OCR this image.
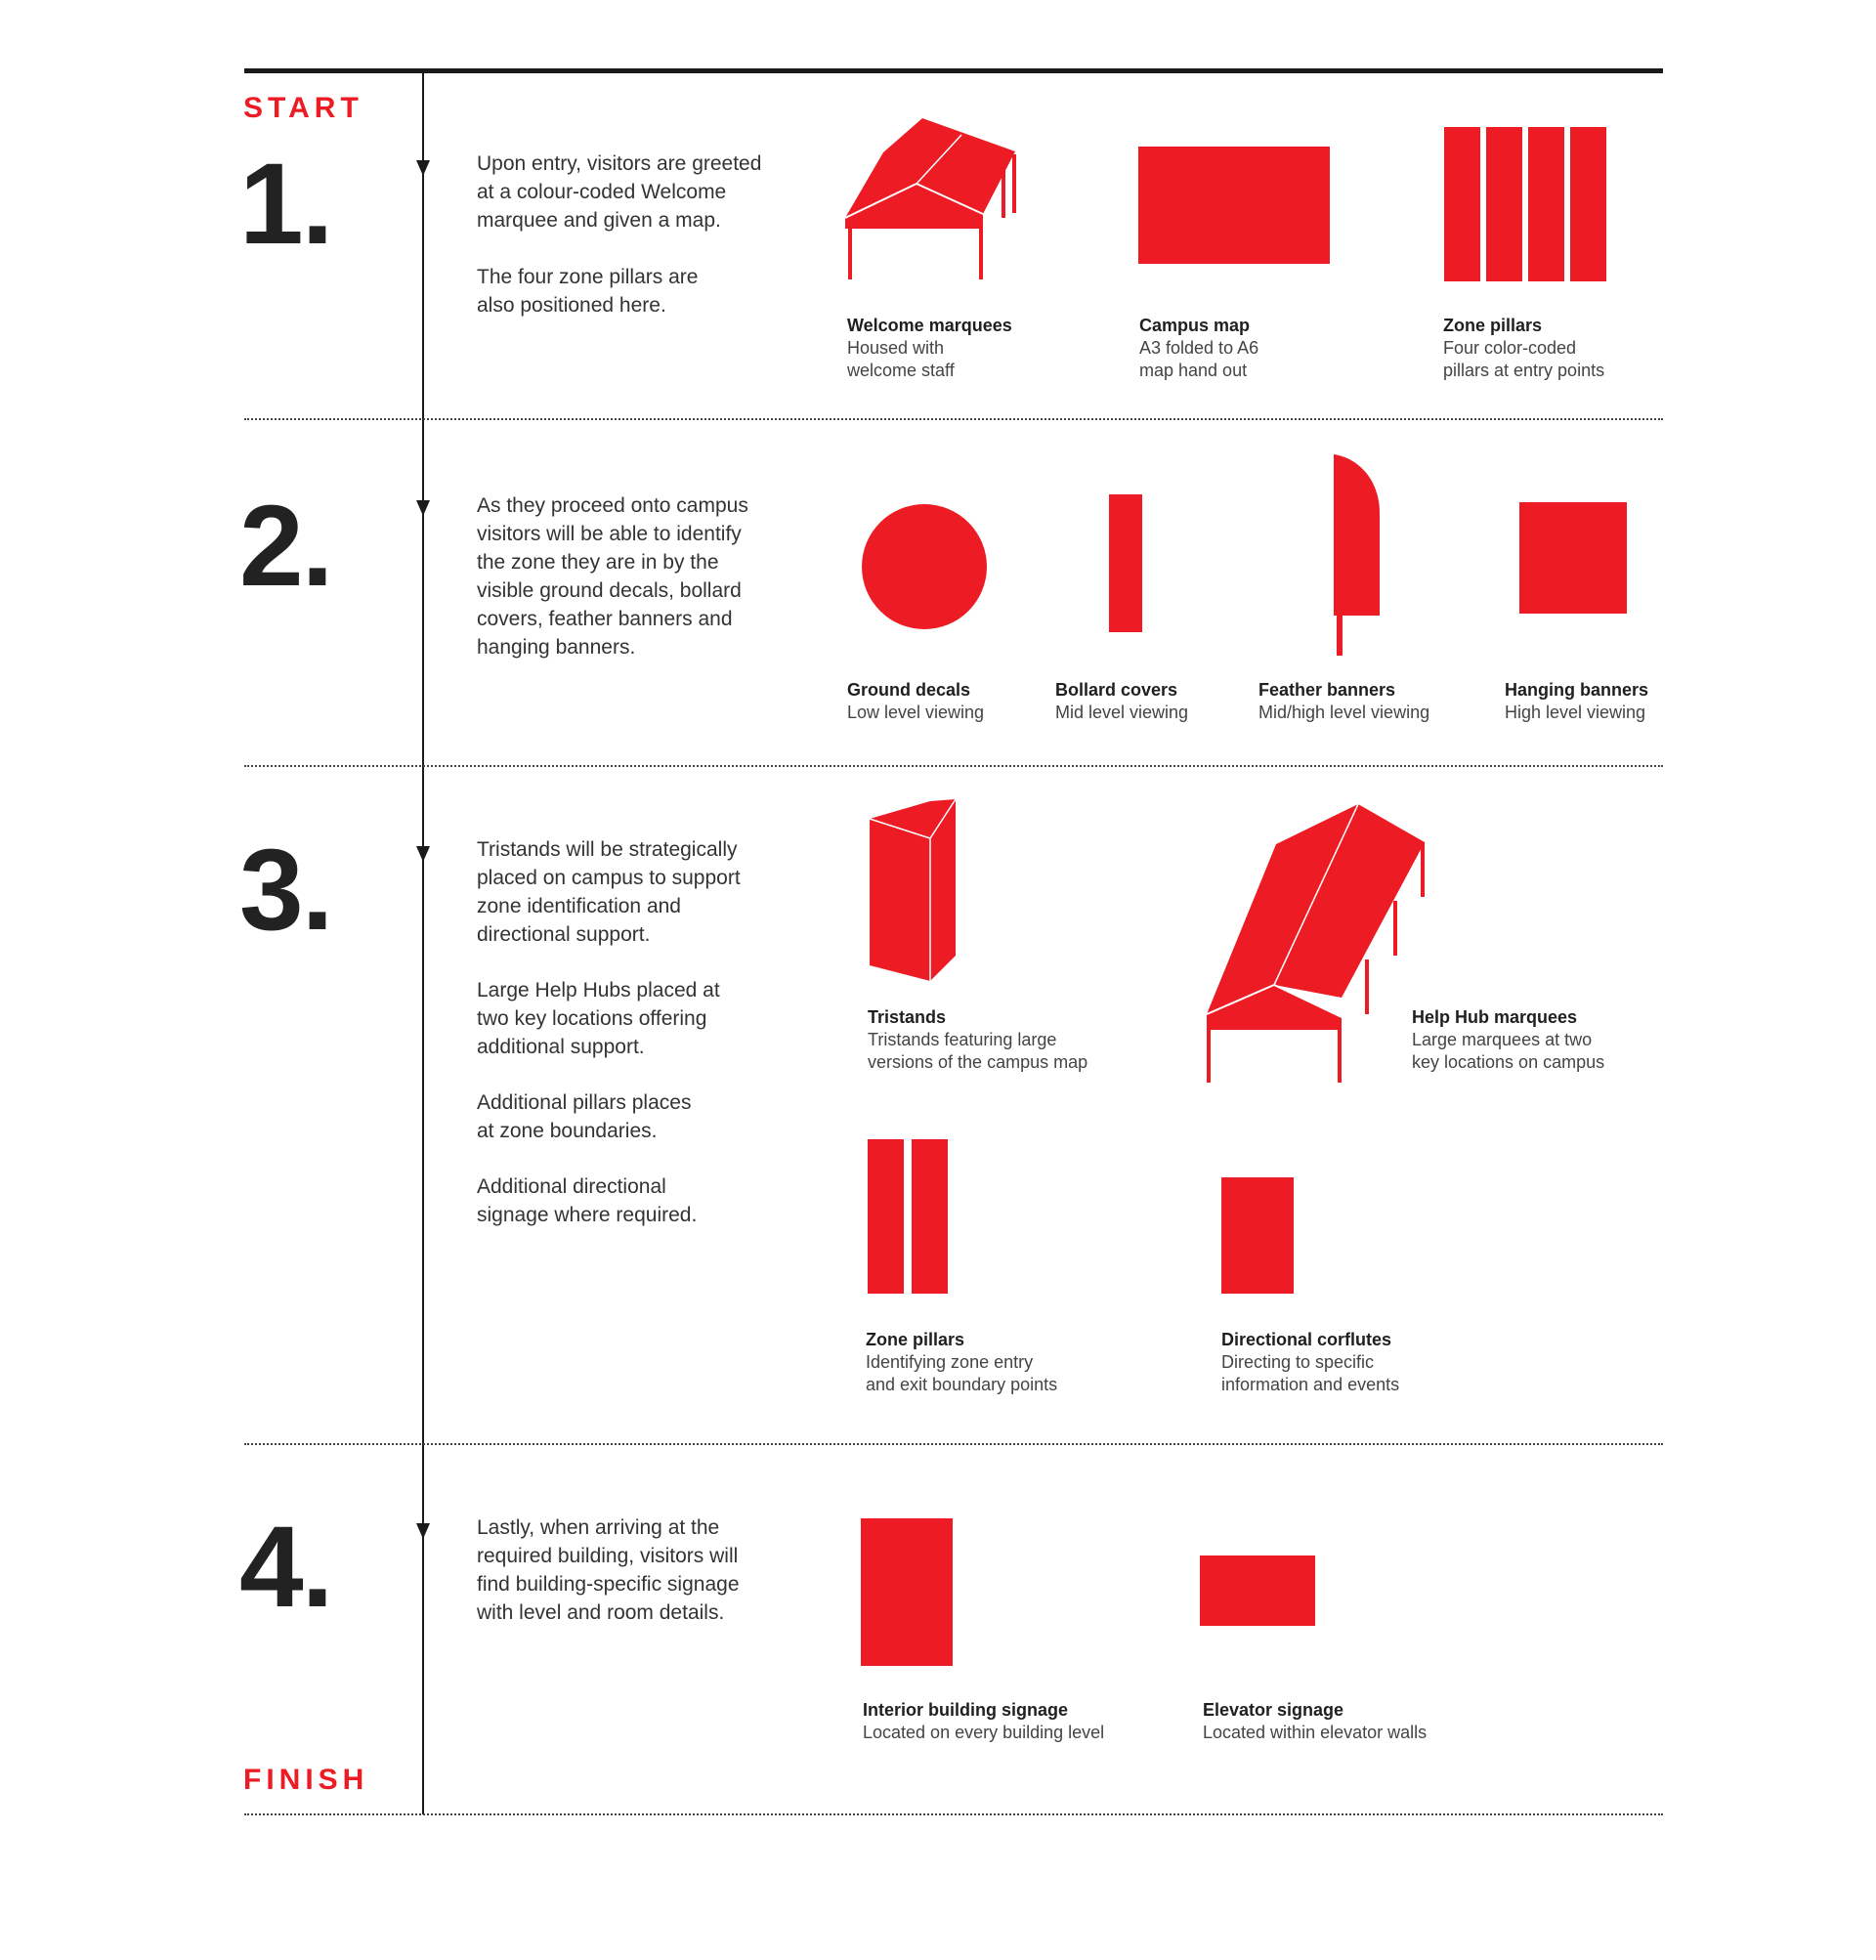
START
FINISH
1.	Upon entry, visitors are greeted
at a colour-coded Welcome
marquee and given a map.
The four zone pillars are
also positioned here.
Welcome marquees
Housed with
welcome staff
Campus map
A3 folded to A6
map hand out
Zone pillars
Four color-coded
pillars at entry points
2.	As they proceed onto campus
visitors will be able to identify
the zone they are in by the
visible ground decals, bollard
covers, feather banners and
hanging banners.
Ground decals
Low level viewing
Bollard covers
Mid level viewing
Feather banners
Mid/high level viewing
Hanging banners
High level viewing
3.	Tristands will be strategically
placed on campus to support
zone identification and
directional support.
Large Help Hubs placed at
two key locations offering
additional support.
Additional pillars places
at zone boundaries.
Additional directional
signage where required.
Tristands
Tristands featuring large
versions of the campus map
Help Hub marquees
Large marquees at two
key locations on campus
Zone pillars
Identifying zone entry
and exit boundary points
Directional corflutes
Directing to specific
information and events
4.	Lastly, when arriving at the
required building, visitors will
find building-specific signage
with level and room details.
Interior building signage
Located on every building level
Elevator signage
Located within elevator walls
